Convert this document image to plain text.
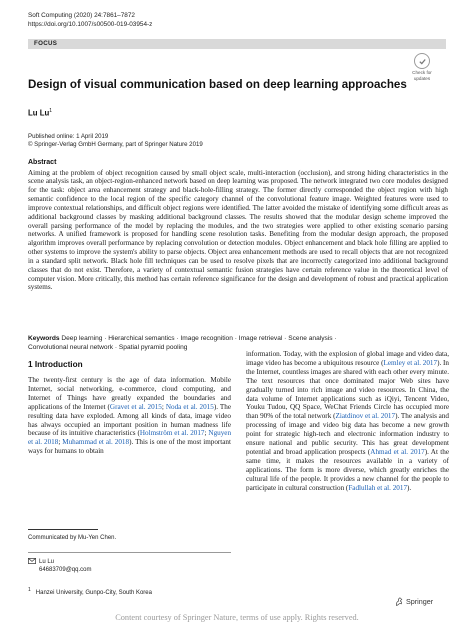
Soft Computing (2020) 24:7861–7872
https://doi.org/10.1007/s00500-019-03954-z
FOCUS
Check for
updates
Design of visual communication based on deep learning approaches
Lu Lu$^1$
Published online: 1 April 2019
© Springer-Verlag GmbH Germany, part of Springer Nature 2019
Abstract
Aiming at the problem of object recognition caused by small object scale, multi-interaction (occlusion), and strong hiding characteristics in the scene analysis task, an object-region-enhanced network based on deep learning was proposed. The network integrated two core modules designed for the task: object area enhancement strategy and black-hole-filling strategy. The former directly corresponded the object region with high semantic confidence to the local region of the specific category channel of the convolutional feature image. Weighted features were used to improve contextual relationships, and difficult object regions were identified. The latter avoided the mistake of identifying some difficult areas as additional background classes by masking additional background classes. The results showed that the modular design scheme improved the overall parsing performance of the model by replacing the modules, and the two strategies were applied to other existing scenario parsing networks. A unified framework is proposed for handling scene resolution tasks. Benefiting from the modular design approach, the proposed algorithm improves overall performance by replacing convolution or detection modules. Object enhancement and black hole filling are applied to other systems to improve the system's ability to parse objects. Object area enhancement methods are used to recall objects that are not recognized in a standard split network. Black hole fill techniques can be used to resolve pixels that are incorrectly categorized into additional background classes that do not exist. Therefore, a variety of contextual semantic fusion strategies have certain reference value in the theoretical level of computer vision. More critically, this method has certain reference significance for the design and development of robust and practical application systems.
Keywords Deep learning · Hierarchical semantics · Image recognition · Image retrieval · Scene analysis ·
Convolutional neural network · Spatial pyramid pooling
1 Introduction

The twenty-first century is the age of data information. Mobile Internet, social networking, e-commerce, cloud computing, and Internet of Things have greatly expanded the boundaries and applications of the Internet (Gravet et al. 2015; Noda et al. 2015). The resulting data have exploded. Among all kinds of data, image video has always occupied an important position in human madness life because of its intuitive characteristics (Holmström et al. 2017; Nguyen et al. 2018; Muhammad et al. 2018). This is one of the most important ways for humans to obtain

information. Today, with the explosion of global image and video data, image video has become a ubiquitous resource (Lemley et al. 2017). In the Internet, countless images are shared with each other every minute. The text resources that once dominated major Web sites have gradually turned into rich image and video resources. In China, the data volume of Internet applications such as iQiyi, Tencent Video, Youku Tudou, QQ Space, WeChat Friends Circle has occupied more than 90% of the total network (Ziatdinov et al. 2017). The analysis and processing of image and video big data has become a new growth point for strategic high-tech and electronic information industry to ensure national and public security. This has great development potential and broad application prospects (Ahmad et al. 2017). At the same time, it makes the resources available in a variety of applications. The form is more diverse, which greatly enriches the cultural life of the people. It provides a new channel for the people to participate in cultural construction (Fadlullah et al. 2017).

Communicated by Mu-Yen Chen.
Lu Lu
64683709@qq.com
$^1$ Hanzei University, Gunpo-City, South Korea
Springer
Content courtesy of Springer Nature, terms of use apply. Rights reserved.
